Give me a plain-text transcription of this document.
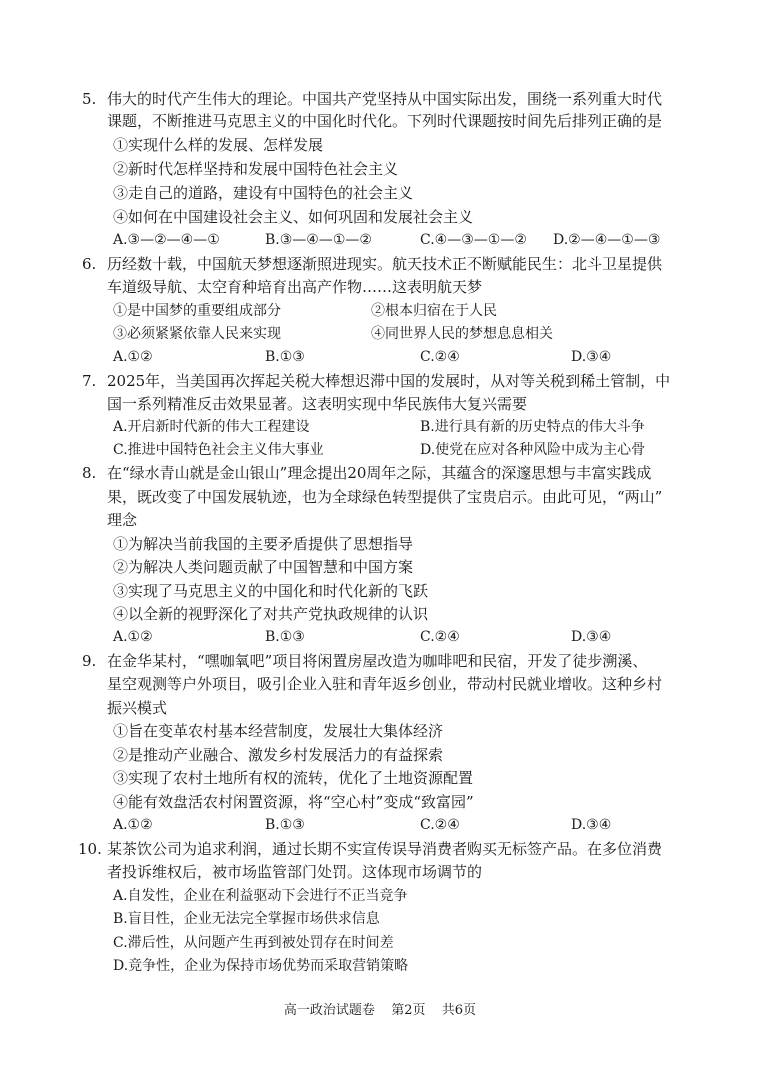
5. 伟大的时代产生伟大的理论。中国共产党坚持从中国实际出发，围绕一系列重大时代
课题，不断推进马克思主义的中国化时代化。下列时代课题按时间先后排列正确的是
①实现什么样的发展、怎样发展
②新时代怎样坚持和发展中国特色社会主义
③走自己的道路，建设有中国特色的社会主义
④如何在中国建设社会主义、如何巩固和发展社会主义
A.③—②—④—①	B.③—④—①—②	C.④—③—①—② D.②—④—①—③
6. 历经数十载，中国航天梦想逐渐照进现实。航天技术正不断赋能民生：北斗卫星提供
车道级导航、太空育种培育出高产作物……这表明航天梦
①是中国梦的重要组成部分	②根本归宿在于人民
③必须紧紧依靠人民来实现	④同世界人民的梦想息息相关
A.①②	B.①③	C.②④	D.③④
7. 2025年，当美国再次挥起关税大棒想迟滞中国的发展时，从对等关税到稀土管制，中
国一系列精准反击效果显著。这表明实现中华民族伟大复兴需要
A.开启新时代新的伟大工程建设	B.进行具有新的历史特点的伟大斗争
C.推进中国特色社会主义伟大事业	D.使党在应对各种风险中成为主心骨
8. 在“绿水青山就是金山银山”理念提出20周年之际，其蕴含的深邃思想与丰富实践成
果，既改变了中国发展轨迹，也为全球绿色转型提供了宝贵启示。由此可见，“两山”
理念
①为解决当前我国的主要矛盾提供了思想指导
②为解决人类问题贡献了中国智慧和中国方案
③实现了马克思主义的中国化和时代化新的飞跃
④以全新的视野深化了对共产党执政规律的认识
A.①②	B.①③	C.②④	D.③④
9. 在金华某村，“嘿咖氧吧”项目将闲置房屋改造为咖啡吧和民宿，开发了徒步溯溪、
星空观测等户外项目，吸引企业入驻和青年返乡创业，带动村民就业增收。这种乡村
振兴模式
①旨在变革农村基本经营制度，发展壮大集体经济
②是推动产业融合、激发乡村发展活力的有益探索
③实现了农村土地所有权的流转，优化了土地资源配置
④能有效盘活农村闲置资源，将“空心村”变成“致富园”
A.①②	B.①③	C.②④	D.③④
10. 某茶饮公司为追求利润，通过长期不实宣传误导消费者购买无标签产品。在多位消费
者投诉维权后，被市场监管部门处罚。这体现市场调节的
A.自发性，企业在利益驱动下会进行不正当竞争
B.盲目性，企业无法完全掌握市场供求信息
C.滞后性，从问题产生再到被处罚存在时间差
D.竞争性，企业为保持市场优势而采取营销策略
高一政治试题卷 第2页 共6页
